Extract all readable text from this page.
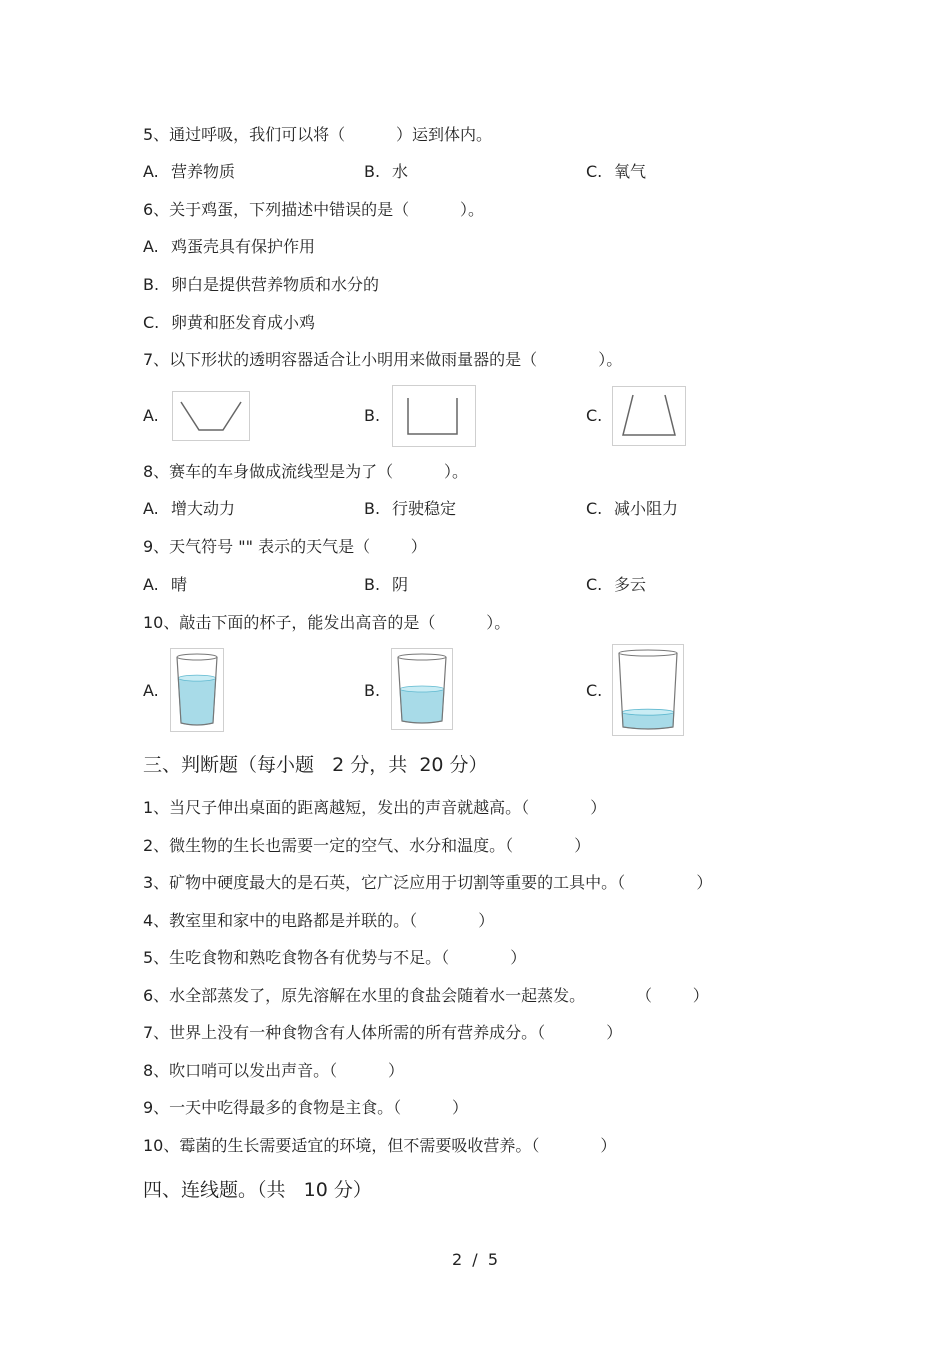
5、通过呼吸，我们可以将（          ）运到体内。
A. 营养物质	B. 水	C. 氧气
6、关于鸡蛋，下列描述中错误的是（          ）。
A. 鸡蛋壳具有保护作用
B. 卵白是提供营养物质和水分的
C. 卵黄和胚发育成小鸡
7、以下形状的透明容器适合让小明用来做雨量器的是（            ）。
A.	B.	C.
8、赛车的车身做成流线型是为了（          ）。
A. 增大动力	B. 行驶稳定	C. 减小阻力
9、天气符号 "" 表示的天气是（        ）
A. 晴	B. 阴	C. 多云
10、敲击下面的杯子，能发出高音的是（          ）。
A.	B.	C.
三、判断题（每小题   2 分，共  20 分）
1、当尺子伸出桌面的距离越短，发出的声音就越高。（            ）
2、微生物的生长也需要一定的空气、水分和温度。（            ）
3、矿物中硬度最大的是石英，它广泛应用于切割等重要的工具中。（              ）
4、教室里和家中的电路都是并联的。（            ）
5、生吃食物和熟吃食物各有优势与不足。（            ）
6、水全部蒸发了，原先溶解在水里的食盐会随着水一起蒸发。          （        ）
7、世界上没有一种食物含有人体所需的所有营养成分。（            ）
8、吹口哨可以发出声音。（          ）
9、一天中吃得最多的食物是主食。（          ）
10、霉菌的生长需要适宜的环境，但不需要吸收营养。（            ）
四、连线题。（共   10 分）
2  /  5
